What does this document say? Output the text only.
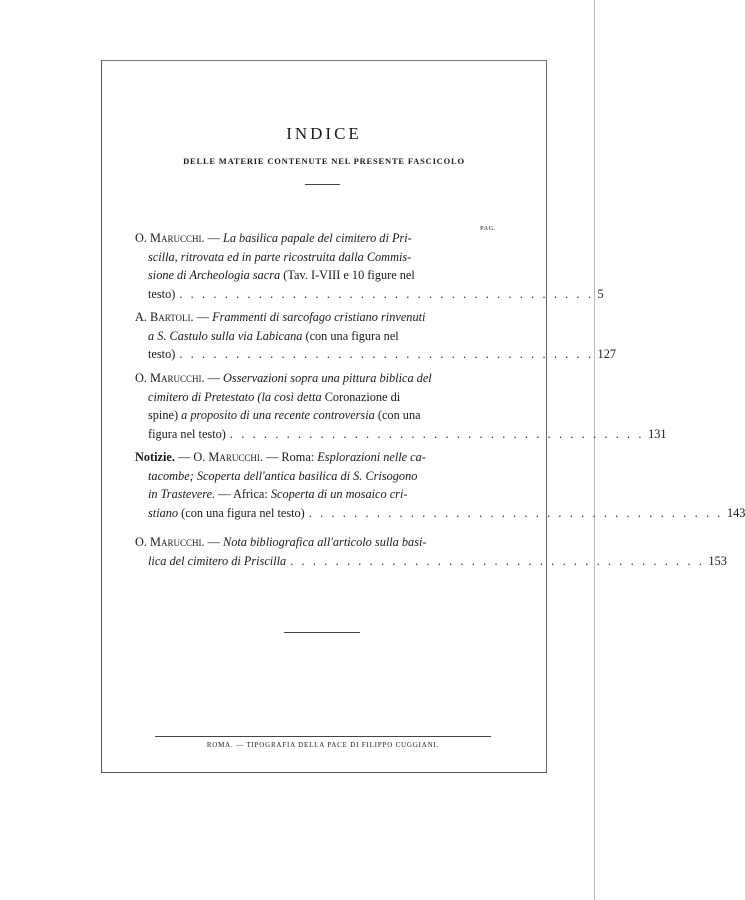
INDICE
DELLE MATERIE CONTENUTE NEL PRESENTE FASCICOLO
PAG.
O. Marucchi. — La basilica papale del cimitero di Pri-
scilla, ritrovata ed in parte ricostruita dalla Commis-
sione di Archeologia sacra (Tav. I-VIII e 10 figure nel
testo) . . . . . . . . . . . . . . . . . . . . . . . . . . . . . . . . . . . . . 5
A. Bartoli. — Frammenti di sarcofago cristiano rinvenuti
a S. Castulo sulla via Labicana (con una figura nel
testo) . . . . . . . . . . . . . . . . . . . . . . . . . . . . . . . . . . . . . 127
O. Marucchi. — Osservazioni sopra una pittura biblica del
cimitero di Pretestato (la così detta Coronazione di
spine) a proposito di una recente controversia (con una
figura nel testo) . . . . . . . . . . . . . . . . . . . . . . . . . . . . . . . . . . . . . 131
Notizie. — O. Marucchi. — Roma: Esplorazioni nelle ca-
tacombe; Scoperta dell'antica basilica di S. Crisogono
in Trastevere. — Africa: Scoperta di un mosaico cri-
stiano (con una figura nel testo) . . . . . . . . . . . . . . . . . . . . . . . . . . . . . . . . . . . . . 143
O. Marucchi. — Nota bibliografica all'articolo sulla basi-
lica del cimitero di Priscilla . . . . . . . . . . . . . . . . . . . . . . . . . . . . . . . . . . . . . 153
ROMA. — TIPOGRAFIA DELLA PACE DI FILIPPO CUGGIANI.
